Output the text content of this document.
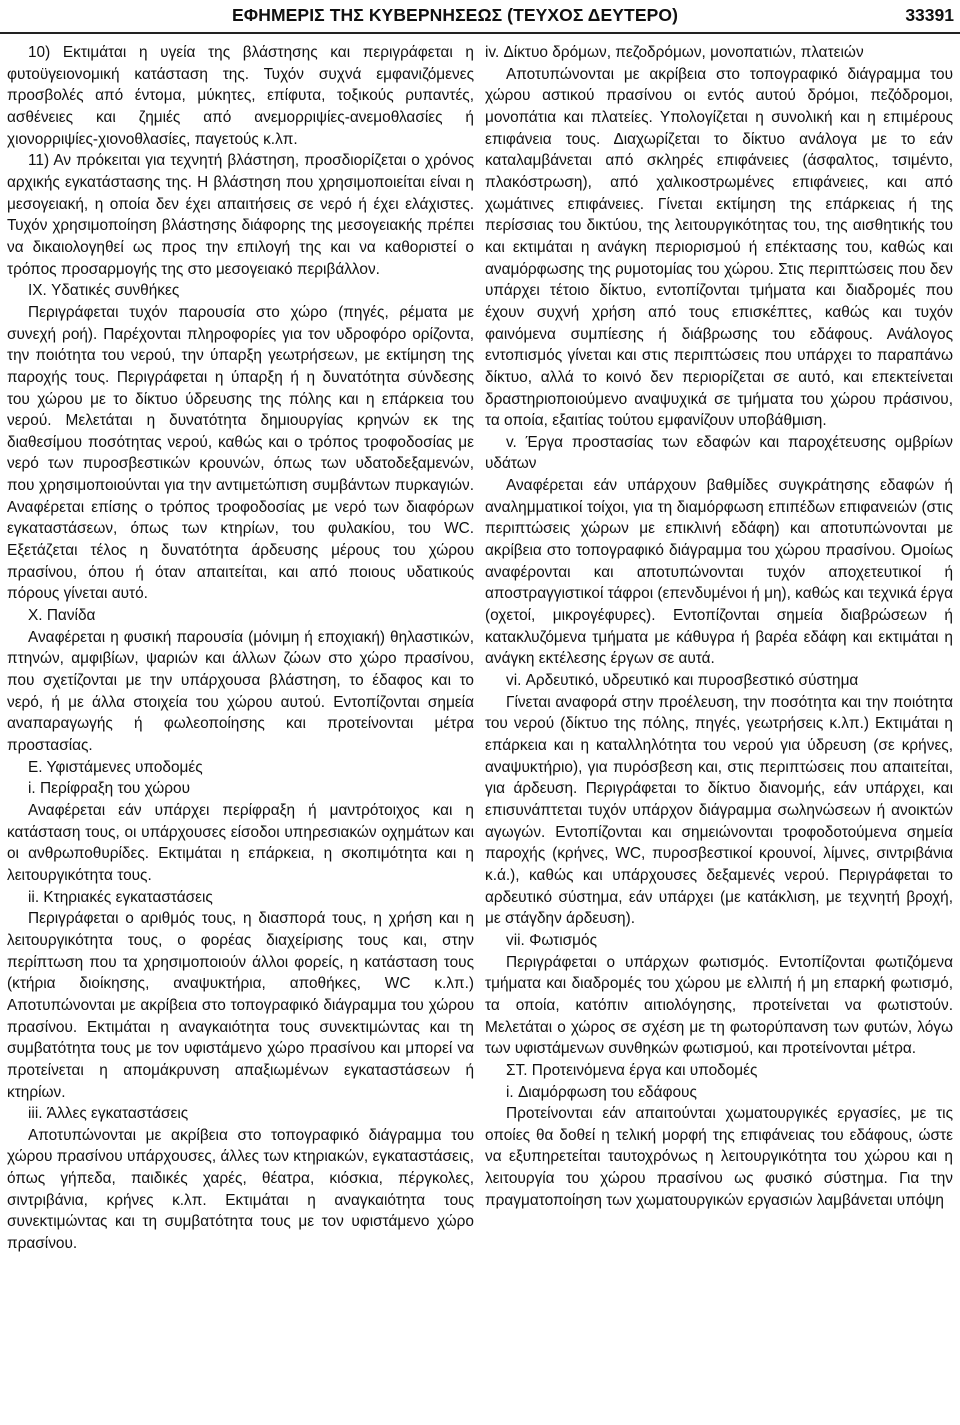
ΕΦΗΜΕΡΙΣ ΤΗΣ ΚΥΒΕΡΝΗΣΕΩΣ (ΤΕΥΧΟΣ ΔΕΥΤΕΡΟ)	33391

10) Εκτιμάται η υγεία της βλάστησης και περιγράφεται η φυτοϋγειονομική κατάσταση της. Τυχόν συχνά εμφανιζόμενες προσβολές από έντομα, μύκητες, επίφυτα, τοξικούς ρυπαντές, ασθένειες και ζημιές από ανεμορριψίες-ανεμοθλασίες ή χιονορριψίες-χιονοθλασίες, παγετούς κ.λπ.

11) Αν πρόκειται για τεχνητή βλάστηση, προσδιορίζεται ο χρόνος αρχικής εγκατάστασης της. Η βλάστηση που χρησιμοποιείται είναι η μεσογειακή, η οποία δεν έχει απαιτήσεις σε νερό ή έχει ελάχιστες. Τυχόν χρησιμοποίηση βλάστησης διάφορης της μεσογειακής πρέπει να δικαιολογηθεί ως προς την επιλογή της και να καθοριστεί ο τρόπος προσαρμογής της στο μεσογειακό περιβάλλον.

IX. Υδατικές συνθήκες

Περιγράφεται τυχόν παρουσία στο χώρο (πηγές, ρέματα με συνεχή ροή). Παρέχονται πληροφορίες για τον υδροφόρο ορίζοντα, την ποιότητα του νερού, την ύπαρξη γεωτρήσεων, με εκτίμηση της παροχής τους. Περιγράφεται η ύπαρξη ή η δυνατότητα σύνδεσης του χώρου με το δίκτυο ύδρευσης της πόλης και η επάρκεια του νερού. Μελετάται η δυνατότητα δημιουργίας κρηνών εκ της διαθεσίμου ποσότητας νερού, καθώς και ο τρόπος τροφοδοσίας με νερό των πυροσβεστικών κρουνών, όπως των υδατοδεξαμενών, που χρησιμοποιούνται για την αντιμετώπιση συμβάντων πυρκαγιών. Αναφέρεται επίσης ο τρόπος τροφοδοσίας με νερό των διαφόρων εγκαταστάσεων, όπως των κτηρίων, του φυλακίου, του WC. Εξετάζεται τέλος η δυνατότητα άρδευσης μέρους του χώρου πρασίνου, όπου ή όταν απαιτείται, και από ποιους υδατικούς πόρους γίνεται αυτό.

X. Πανίδα

Αναφέρεται η φυσική παρουσία (μόνιμη ή εποχιακή) θηλαστικών, πτηνών, αμφιβίων, ψαριών και άλλων ζώων στο χώρο πρασίνου, που σχετίζονται με την υπάρχουσα βλάστηση, το έδαφος και το νερό, ή με άλλα στοιχεία του χώρου αυτού. Εντοπίζονται σημεία αναπαραγωγής ή φωλεοποίησης και προτείνονται μέτρα προστασίας.

Ε. Υφιστάμενες υποδομές

i. Περίφραξη του χώρου

Αναφέρεται εάν υπάρχει περίφραξη ή μαντρότοιχος και η κατάσταση τους, οι υπάρχουσες είσοδοι υπηρεσιακών οχημάτων και οι ανθρωποθυρίδες. Εκτιμάται η επάρκεια, η σκοπιμότητα και η λειτουργικότητα τους.

ii. Κτηριακές εγκαταστάσεις

Περιγράφεται ο αριθμός τους, η διασπορά τους, η χρήση και η λειτουργικότητα τους, ο φορέας διαχείρισης τους και, στην περίπτωση που τα χρησιμοποιούν άλλοι φορείς, η κατάσταση τους (κτήρια διοίκησης, αναψυκτήρια, αποθήκες, WC κ.λπ.) Αποτυπώνονται με ακρίβεια στο τοπογραφικό διάγραμμα του χώρου πρασίνου. Εκτιμάται η αναγκαιότητα τους συνεκτιμώντας και τη συμβατότητα τους με τον υφιστάμενο χώρο πρασίνου και μπορεί να προτείνεται η απομάκρυνση απαξιωμένων εγκαταστάσεων ή κτηρίων.

iii. Άλλες εγκαταστάσεις

Αποτυπώνονται με ακρίβεια στο τοπογραφικό διάγραμμα του χώρου πρασίνου υπάρχουσες, άλλες των κτηριακών, εγκαταστάσεις, όπως γήπεδα, παιδικές χαρές, θέατρα, κιόσκια, πέργκολες, σιντριβάνια, κρήνες κ.λπ. Εκτιμάται η αναγκαιότητα τους συνεκτιμώντας και τη συμβατότητα τους με τον υφιστάμενο χώρο πρασίνου.

iv. Δίκτυο δρόμων, πεζοδρόμων, μονοπατιών, πλατειών

Αποτυπώνονται με ακρίβεια στο τοπογραφικό διάγραμμα του χώρου αστικού πρασίνου οι εντός αυτού δρόμοι, πεζόδρομοι, μονοπάτια και πλατείες. Υπολογίζεται η συνολική και η επιμέρους επιφάνεια τους. Διαχωρίζεται το δίκτυο ανάλογα με το εάν καταλαμβάνεται από σκληρές επιφάνειες (άσφαλτος, τσιμέντο, πλακόστρωση), από χαλικοστρωμένες επιφάνειες, και από χωμάτινες επιφάνειες. Γίνεται εκτίμηση της επάρκειας ή της περίσσιας του δικτύου, της λειτουργικότητας του, της αισθητικής του και εκτιμάται η ανάγκη περιορισμού ή επέκτασης του, καθώς και αναμόρφωσης της ρυμοτομίας του χώρου. Στις περιπτώσεις που δεν υπάρχει τέτοιο δίκτυο, εντοπίζονται τμήματα και διαδρομές που έχουν συχνή χρήση από τους επισκέπτες, καθώς και τυχόν φαινόμενα συμπίεσης ή διάβρωσης του εδάφους. Ανάλογος εντοπισμός γίνεται και στις περιπτώσεις που υπάρχει το παραπάνω δίκτυο, αλλά το κοινό δεν περιορίζεται σε αυτό, και επεκτείνεται δραστηριοποιούμενο αναψυχικά σε τμήματα του χώρου πράσινου, τα οποία, εξαιτίας τούτου εμφανίζουν υποβάθμιση.

v. Έργα προστασίας των εδαφών και παροχέτευσης ομβρίων υδάτων

Αναφέρεται εάν υπάρχουν βαθμίδες συγκράτησης εδαφών ή αναλημματικοί τοίχοι, για τη διαμόρφωση επιπέδων επιφανειών (στις περιπτώσεις χώρων με επικλινή εδάφη) και αποτυπώνονται με ακρίβεια στο τοπογραφικό διάγραμμα του χώρου πρασίνου. Ομοίως αναφέρονται και αποτυπώνονται τυχόν αποχετευτικοί ή αποστραγγιστικοί τάφροι (επενδυμένοι ή μη), καθώς και τεχνικά έργα (οχετοί, μικρογέφυρες). Εντοπίζονται σημεία διαβρώσεων ή κατακλυζόμενα τμήματα με κάθυγρα ή βαρέα εδάφη και εκτιμάται η ανάγκη εκτέλεσης έργων σε αυτά.

vi. Αρδευτικό, υδρευτικό και πυροσβεστικό σύστημα

Γίνεται αναφορά στην προέλευση, την ποσότητα και την ποιότητα του νερού (δίκτυο της πόλης, πηγές, γεωτρήσεις κ.λπ.) Εκτιμάται η επάρκεια και η καταλληλότητα του νερού για ύδρευση (σε κρήνες, αναψυκτήριο), για πυρόσβεση και, στις περιπτώσεις που απαιτείται, για άρδευση. Περιγράφεται το δίκτυο διανομής, εάν υπάρχει, και επισυνάπτεται τυχόν υπάρχον διάγραμμα σωληνώσεων ή ανοικτών αγωγών. Εντοπίζονται και σημειώνονται τροφοδοτούμενα σημεία παροχής (κρήνες, WC, πυροσβεστικοί κρουνοί, λίμνες, σιντριβάνια κ.ά.), καθώς και υπάρχουσες δεξαμενές νερού. Περιγράφεται το αρδευτικό σύστημα, εάν υπάρχει (με κατάκλιση, με τεχνητή βροχή, με στάγδην άρδευση).

vii. Φωτισμός

Περιγράφεται ο υπάρχων φωτισμός. Εντοπίζονται φωτιζόμενα τμήματα και διαδρομές του χώρου με ελλιπή ή μη επαρκή φωτισμό, τα οποία, κατόπιν αιτιολόγησης, προτείνεται να φωτιστούν. Μελετάται ο χώρος σε σχέση με τη φωτορύπανση των φυτών, λόγω των υφιστάμενων συνθηκών φωτισμού, και προτείνονται μέτρα.

ΣΤ. Προτεινόμενα έργα και υποδομές

i. Διαμόρφωση του εδάφους

Προτείνονται εάν απαιτούνται χωματουργικές εργασίες, με τις οποίες θα δοθεί η τελική μορφή της επιφάνειας του εδάφους, ώστε να εξυπηρετείται ταυτοχρόνως η λειτουργικότητα του χώρου και η λειτουργία του χώρου πρασίνου ως φυσικό σύστημα. Για την πραγματοποίηση των χωματουργικών εργασιών λαμβάνεται υπόψη
